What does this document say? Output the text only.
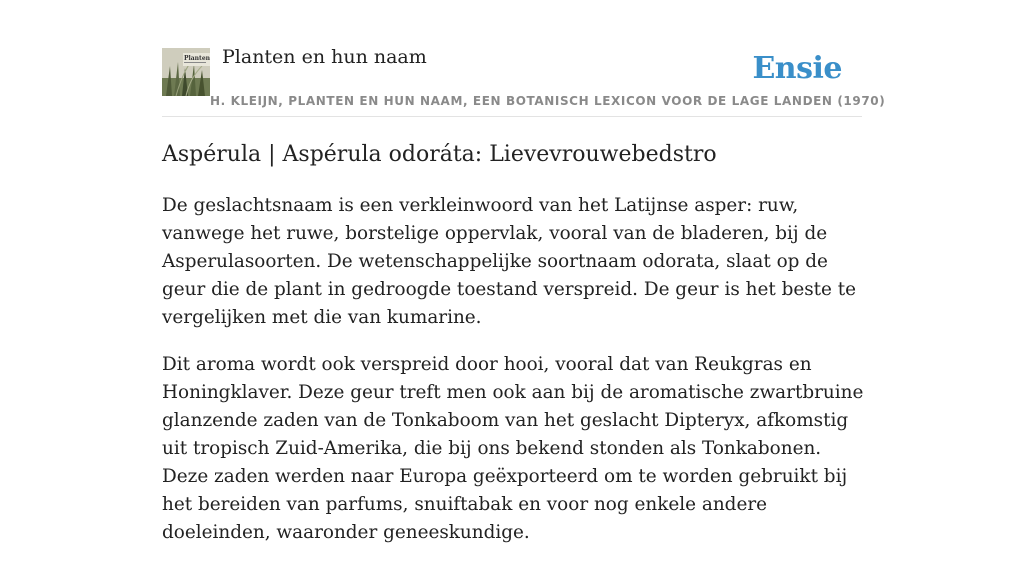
Planten Planten en hun naam	Ensie
H. KLEIJN, PLANTEN EN HUN NAAM, EEN BOTANISCH LEXICON VOOR DE LAGE LANDEN (1970)
Aspérula | Aspérula odoráta: Lievevrouwebedstro

De geslachtsnaam is een verkleinwoord van het Latijnse asper: ruw, vanwege het ruwe, borstelige oppervlak, vooral van de bladeren, bij de Asperulasoorten. De wetenschappelijke soortnaam odorata, slaat op de geur die de plant in gedroogde toestand verspreid. De geur is het beste te vergelijken met die van kumarine.

Dit aroma wordt ook verspreid door hooi, vooral dat van Reukgras en Honingklaver. Deze geur treft men ook aan bij de aromatische zwartbruine glanzende zaden van de Tonkaboom van het geslacht Dipteryx, afkomstig uit tropisch Zuid-Amerika, die bij ons bekend stonden als Tonkabonen. Deze zaden werden naar Europa geëxporteerd om te worden gebruikt bij het bereiden van parfums, snuiftabak en voor nog enkele andere doeleinden, waaronder geneeskundige.
